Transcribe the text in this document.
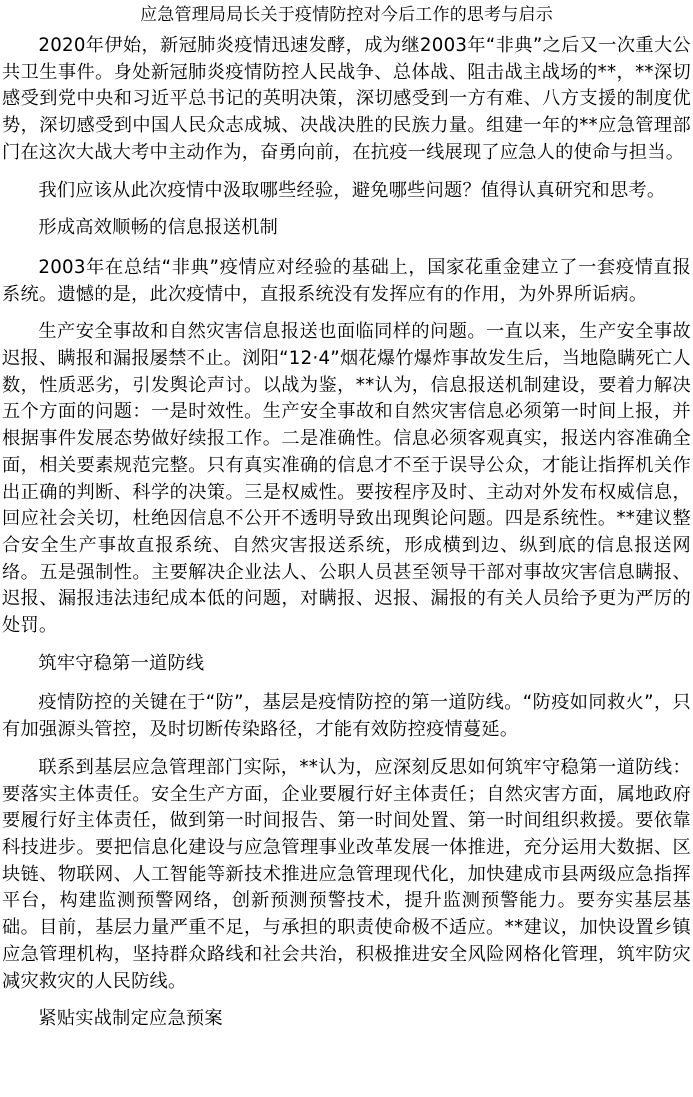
应急管理局局长关于疫情防控对今后工作的思考与启示

2020年伊始，新冠肺炎疫情迅速发酵，成为继2003年“非典”之后又一次重大公共卫生事件。身处新冠肺炎疫情防控人民战争、总体战、阻击战主战场的**，**深切感受到党中央和习近平总书记的英明决策，深切感受到一方有难、八方支援的制度优势，深切感受到中国人民众志成城、决战决胜的民族力量。组建一年的**应急管理部门在这次大战大考中主动作为，奋勇向前，在抗疫一线展现了应急人的使命与担当。

我们应该从此次疫情中汲取哪些经验，避免哪些问题？值得认真研究和思考。

形成高效顺畅的信息报送机制

2003年在总结“非典”疫情应对经验的基础上，国家花重金建立了一套疫情直报系统。遗憾的是，此次疫情中，直报系统没有发挥应有的作用，为外界所诟病。

生产安全事故和自然灾害信息报送也面临同样的问题。一直以来，生产安全事故迟报、瞒报和漏报屡禁不止。浏阳“12·4”烟花爆竹爆炸事故发生后，当地隐瞒死亡人数，性质恶劣，引发舆论声讨。以战为鉴，**认为，信息报送机制建设，要着力解决五个方面的问题：一是时效性。生产安全事故和自然灾害信息必须第一时间上报，并根据事件发展态势做好续报工作。二是准确性。信息必须客观真实，报送内容准确全面，相关要素规范完整。只有真实准确的信息才不至于误导公众，才能让指挥机关作出正确的判断、科学的决策。三是权威性。要按程序及时、主动对外发布权威信息，回应社会关切，杜绝因信息不公开不透明导致出现舆论问题。四是系统性。**建议整合安全生产事故直报系统、自然灾害报送系统，形成横到边、纵到底的信息报送网络。五是强制性。主要解决企业法人、公职人员甚至领导干部对事故灾害信息瞒报、迟报、漏报违法违纪成本低的问题，对瞒报、迟报、漏报的有关人员给予更为严厉的处罚。

筑牢守稳第一道防线

疫情防控的关键在于“防”，基层是疫情防控的第一道防线。“防疫如同救火”，只有加强源头管控，及时切断传染路径，才能有效防控疫情蔓延。

联系到基层应急管理部门实际，**认为，应深刻反思如何筑牢守稳第一道防线：要落实主体责任。安全生产方面，企业要履行好主体责任；自然灾害方面，属地政府要履行好主体责任，做到第一时间报告、第一时间处置、第一时间组织救援。要依靠科技进步。要把信息化建设与应急管理事业改革发展一体推进，充分运用大数据、区块链、物联网、人工智能等新技术推进应急管理现代化，加快建成市县两级应急指挥平台，构建监测预警网络，创新预测预警技术，提升监测预警能力。要夯实基层基础。目前，基层力量严重不足，与承担的职责使命极不适应。**建议，加快设置乡镇应急管理机构，坚持群众路线和社会共治，积极推进安全风险网格化管理，筑牢防灾减灾救灾的人民防线。

紧贴实战制定应急预案
